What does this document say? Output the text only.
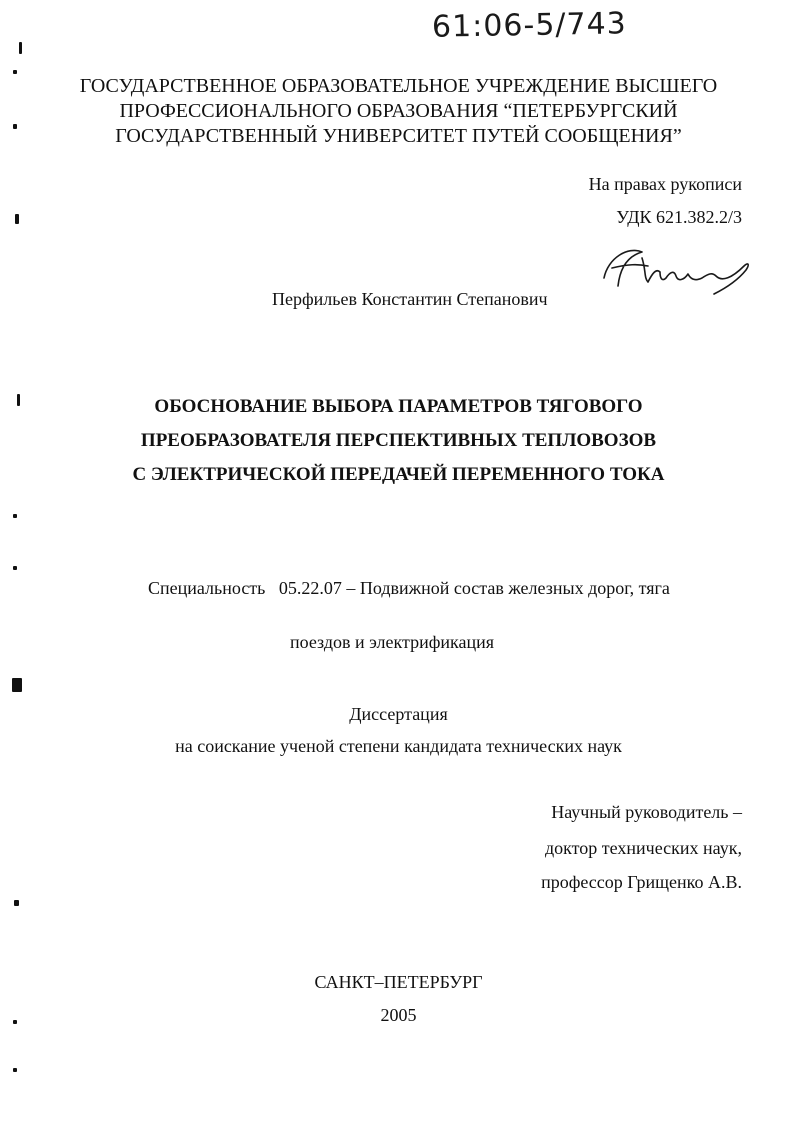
61:06-5/743
ГОСУДАРСТВЕННОЕ ОБРАЗОВАТЕЛЬНОЕ УЧРЕЖДЕНИЕ ВЫСШЕГО
ПРОФЕССИОНАЛЬНОГО ОБРАЗОВАНИЯ “ПЕТЕРБУРГСКИЙ
ГОСУДАРСТВЕННЫЙ УНИВЕРСИТЕТ ПУТЕЙ СООБЩЕНИЯ”
На правах рукописи
УДК 621.382.2/3
Перфильев Константин Степанович
ОБОСНОВАНИЕ ВЫБОРА ПАРАМЕТРОВ ТЯГОВОГО
ПРЕОБРАЗОВАТЕЛЯ ПЕРСПЕКТИВНЫХ ТЕПЛОВОЗОВ
С ЭЛЕКТРИЧЕСКОЙ ПЕРЕДАЧЕЙ ПЕРЕМЕННОГО ТОКА
Специальность   05.22.07 – Подвижной состав железных дорог, тяга
поездов и электрификация
Диссертация
на соискание ученой степени кандидата технических наук
Научный руководитель –
доктор технических наук,
профессор Грищенко А.В.
САНКТ–ПЕТЕРБУРГ
2005
